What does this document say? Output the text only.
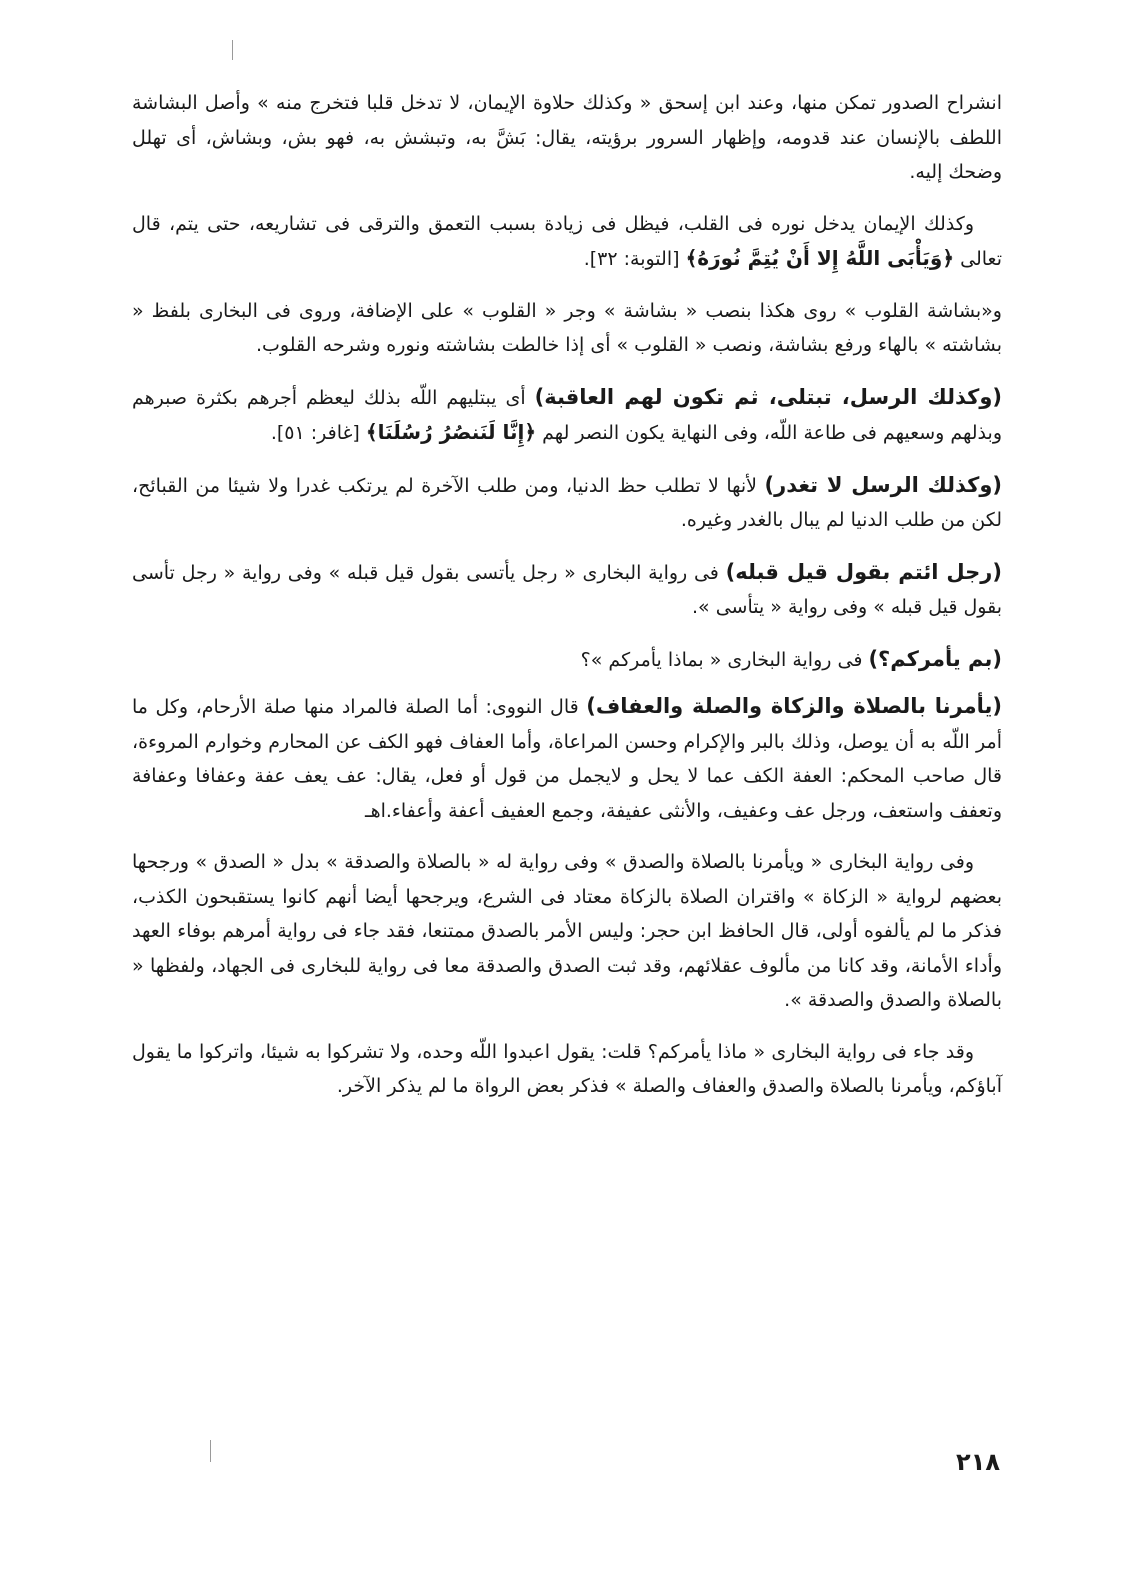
انشراح الصدور تمكن منها، وعند ابن إسحق « وكذلك حلاوة الإيمان، لا تدخل قلبا فتخرج منه » وأصل البشاشة اللطف بالإنسان عند قدومه، وإظهار السرور برؤيته، يقال: بَشَّ به، وتبشش به، فهو بش، وبشاش، أى تهلل وضحك إليه.

وكذلك الإيمان يدخل نوره فى القلب، فيظل فى زيادة بسبب التعمق والترقى فى تشاريعه، حتى يتم، قال تعالى ﴿وَيَأْبَى اللَّهُ إِلا أَنْ يُتِمَّ نُورَهُ﴾ [التوبة: ٣٢].

و«بشاشة القلوب » روى هكذا بنصب « بشاشة » وجر « القلوب » على الإضافة، وروى فى البخارى بلفظ « بشاشته » بالهاء ورفع بشاشة، ونصب « القلوب » أى إذا خالطت بشاشته ونوره وشرحه القلوب.

(وكذلك الرسل، تبتلى، ثم تكون لهم العاقبة) أى يبتليهم اللّه بذلك ليعظم أجرهم بكثرة صبرهم وبذلهم وسعيهم فى طاعة اللّه، وفى النهاية يكون النصر لهم ﴿إِنَّا لَنَنصُرُ رُسُلَنَا﴾ [غافر: ٥١].

(وكذلك الرسل لا تغدر) لأنها لا تطلب حظ الدنيا، ومن طلب الآخرة لم يرتكب غدرا ولا شيئا من القبائح، لكن من طلب الدنيا لم يبال بالغدر وغيره.

(رجل ائتم بقول قيل قبله) فى رواية البخارى « رجل يأتسى بقول قيل قبله » وفى رواية « رجل تأسى بقول قيل قبله » وفى رواية « يتأسى ».

(بم يأمركم؟) فى رواية البخارى « بماذا يأمركم »؟

(يأمرنا بالصلاة والزكاة والصلة والعفاف) قال النووى: أما الصلة فالمراد منها صلة الأرحام، وكل ما أمر اللّه به أن يوصل، وذلك بالبر والإكرام وحسن المراعاة، وأما العفاف فهو الكف عن المحارم وخوارم المروءة، قال صاحب المحكم: العفة الكف عما لا يحل و لايجمل من قول أو فعل، يقال: عف يعف عفة وعفافا وعفافة وتعفف واستعف، ورجل عف وعفيف، والأنثى عفيفة، وجمع العفيف أعفة وأعفاء.اهـ

وفى رواية البخارى « ويأمرنا بالصلاة والصدق » وفى رواية له « بالصلاة والصدقة » بدل « الصدق » ورجحها بعضهم لرواية « الزكاة » واقتران الصلاة بالزكاة معتاد فى الشرع، ويرجحها أيضا أنهم كانوا يستقبحون الكذب، فذكر ما لم يألفوه أولى، قال الحافظ ابن حجر: وليس الأمر بالصدق ممتنعا، فقد جاء فى رواية أمرهم بوفاء العهد وأداء الأمانة، وقد كانا من مألوف عقلائهم، وقد ثبت الصدق والصدقة معا فى رواية للبخارى فى الجهاد، ولفظها « بالصلاة والصدق والصدقة ».

وقد جاء فى رواية البخارى « ماذا يأمركم؟ قلت: يقول اعبدوا اللّه وحده، ولا تشركوا به شيئا، واتركوا ما يقول آباؤكم، ويأمرنا بالصلاة والصدق والعفاف والصلة » فذكر بعض الرواة ما لم يذكر الآخر.

٢١٨
